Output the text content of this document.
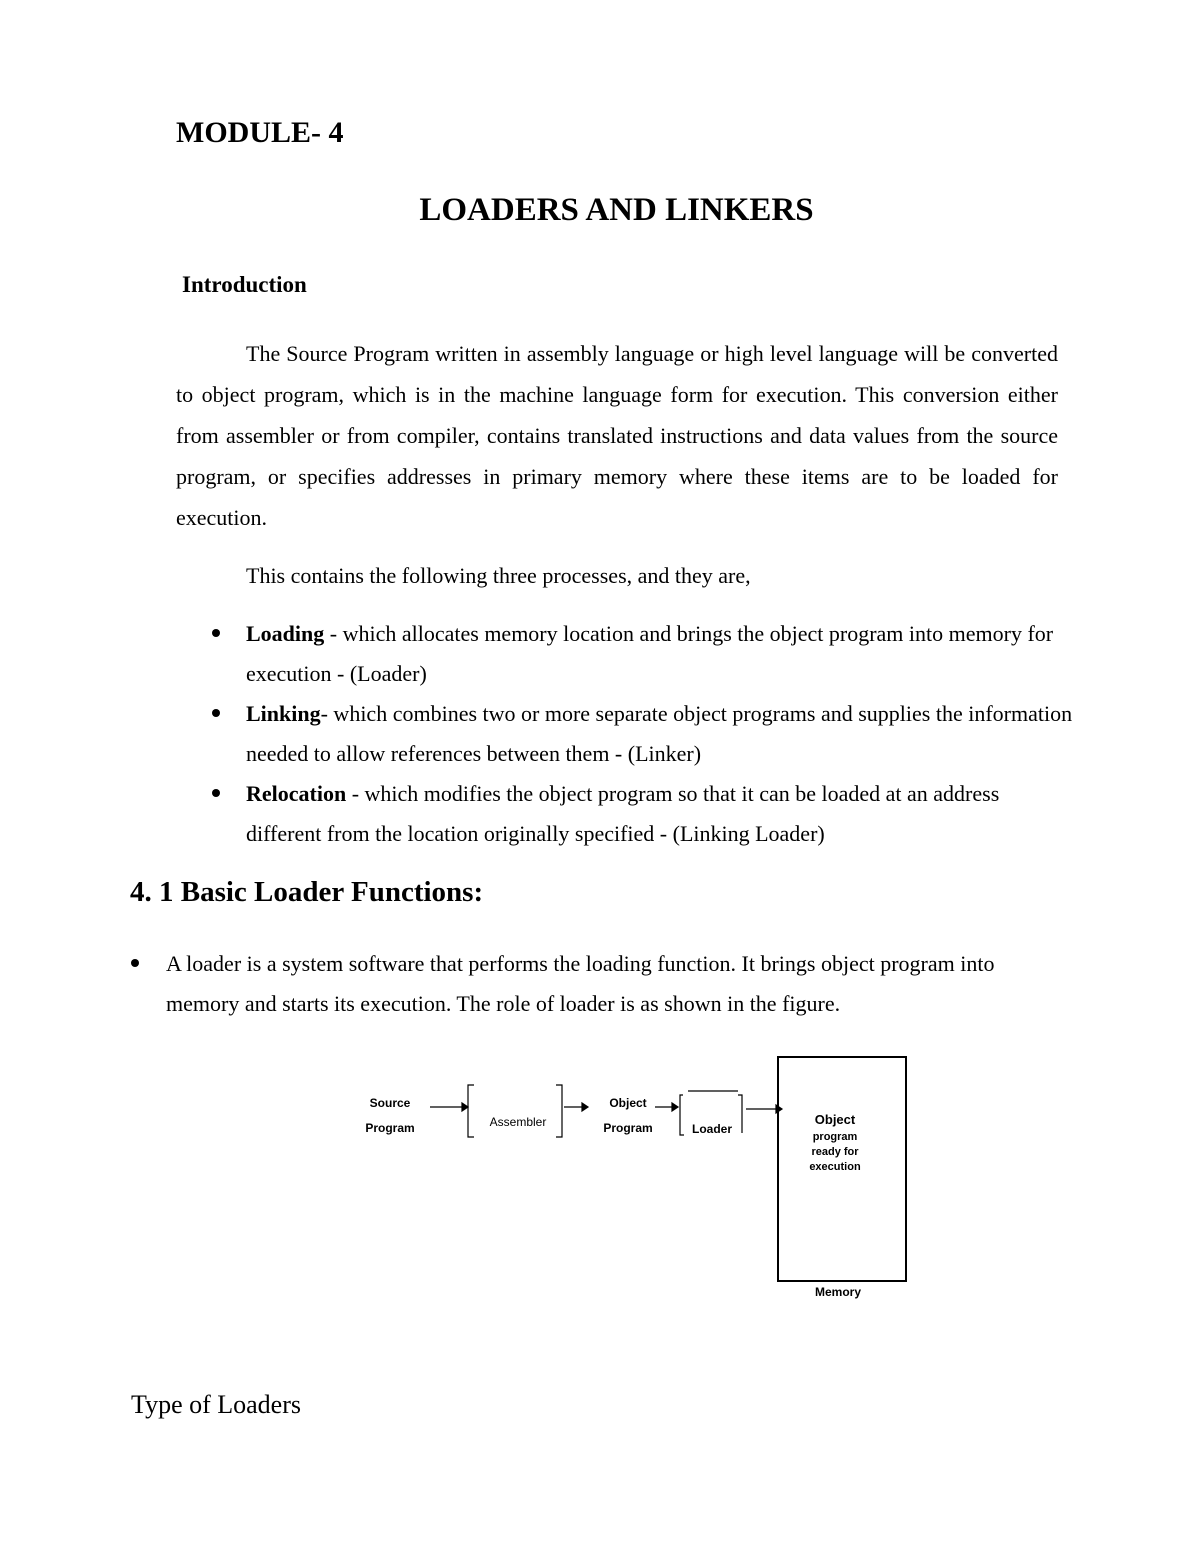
MODULE- 4
LOADERS AND LINKERS
Introduction

The Source Program written in assembly language or high level language will be converted to object program, which is in the machine language form for execution. This conversion either from assembler or from compiler, contains translated instructions and data values from the source program, or specifies addresses in primary memory where these items are to be loaded for execution.

This contains the following three processes, and they are,
Loading - which allocates memory location and brings the object program into memory for execution - (Loader)
Linking- which combines two or more separate object programs and supplies the information needed to allow references between them - (Linker)
Relocation - which modifies the object program so that it can be loaded at an address different from the location originally specified - (Linking Loader)
4. 1 Basic Loader Functions:
A loader is a system software that performs the loading function. It brings object program into memory and starts its execution. The role of loader is as shown in the figure.
Source
Program	Assembler
Object
Program	Loader
Object
program
ready for
execution
Memory
Type of Loaders
